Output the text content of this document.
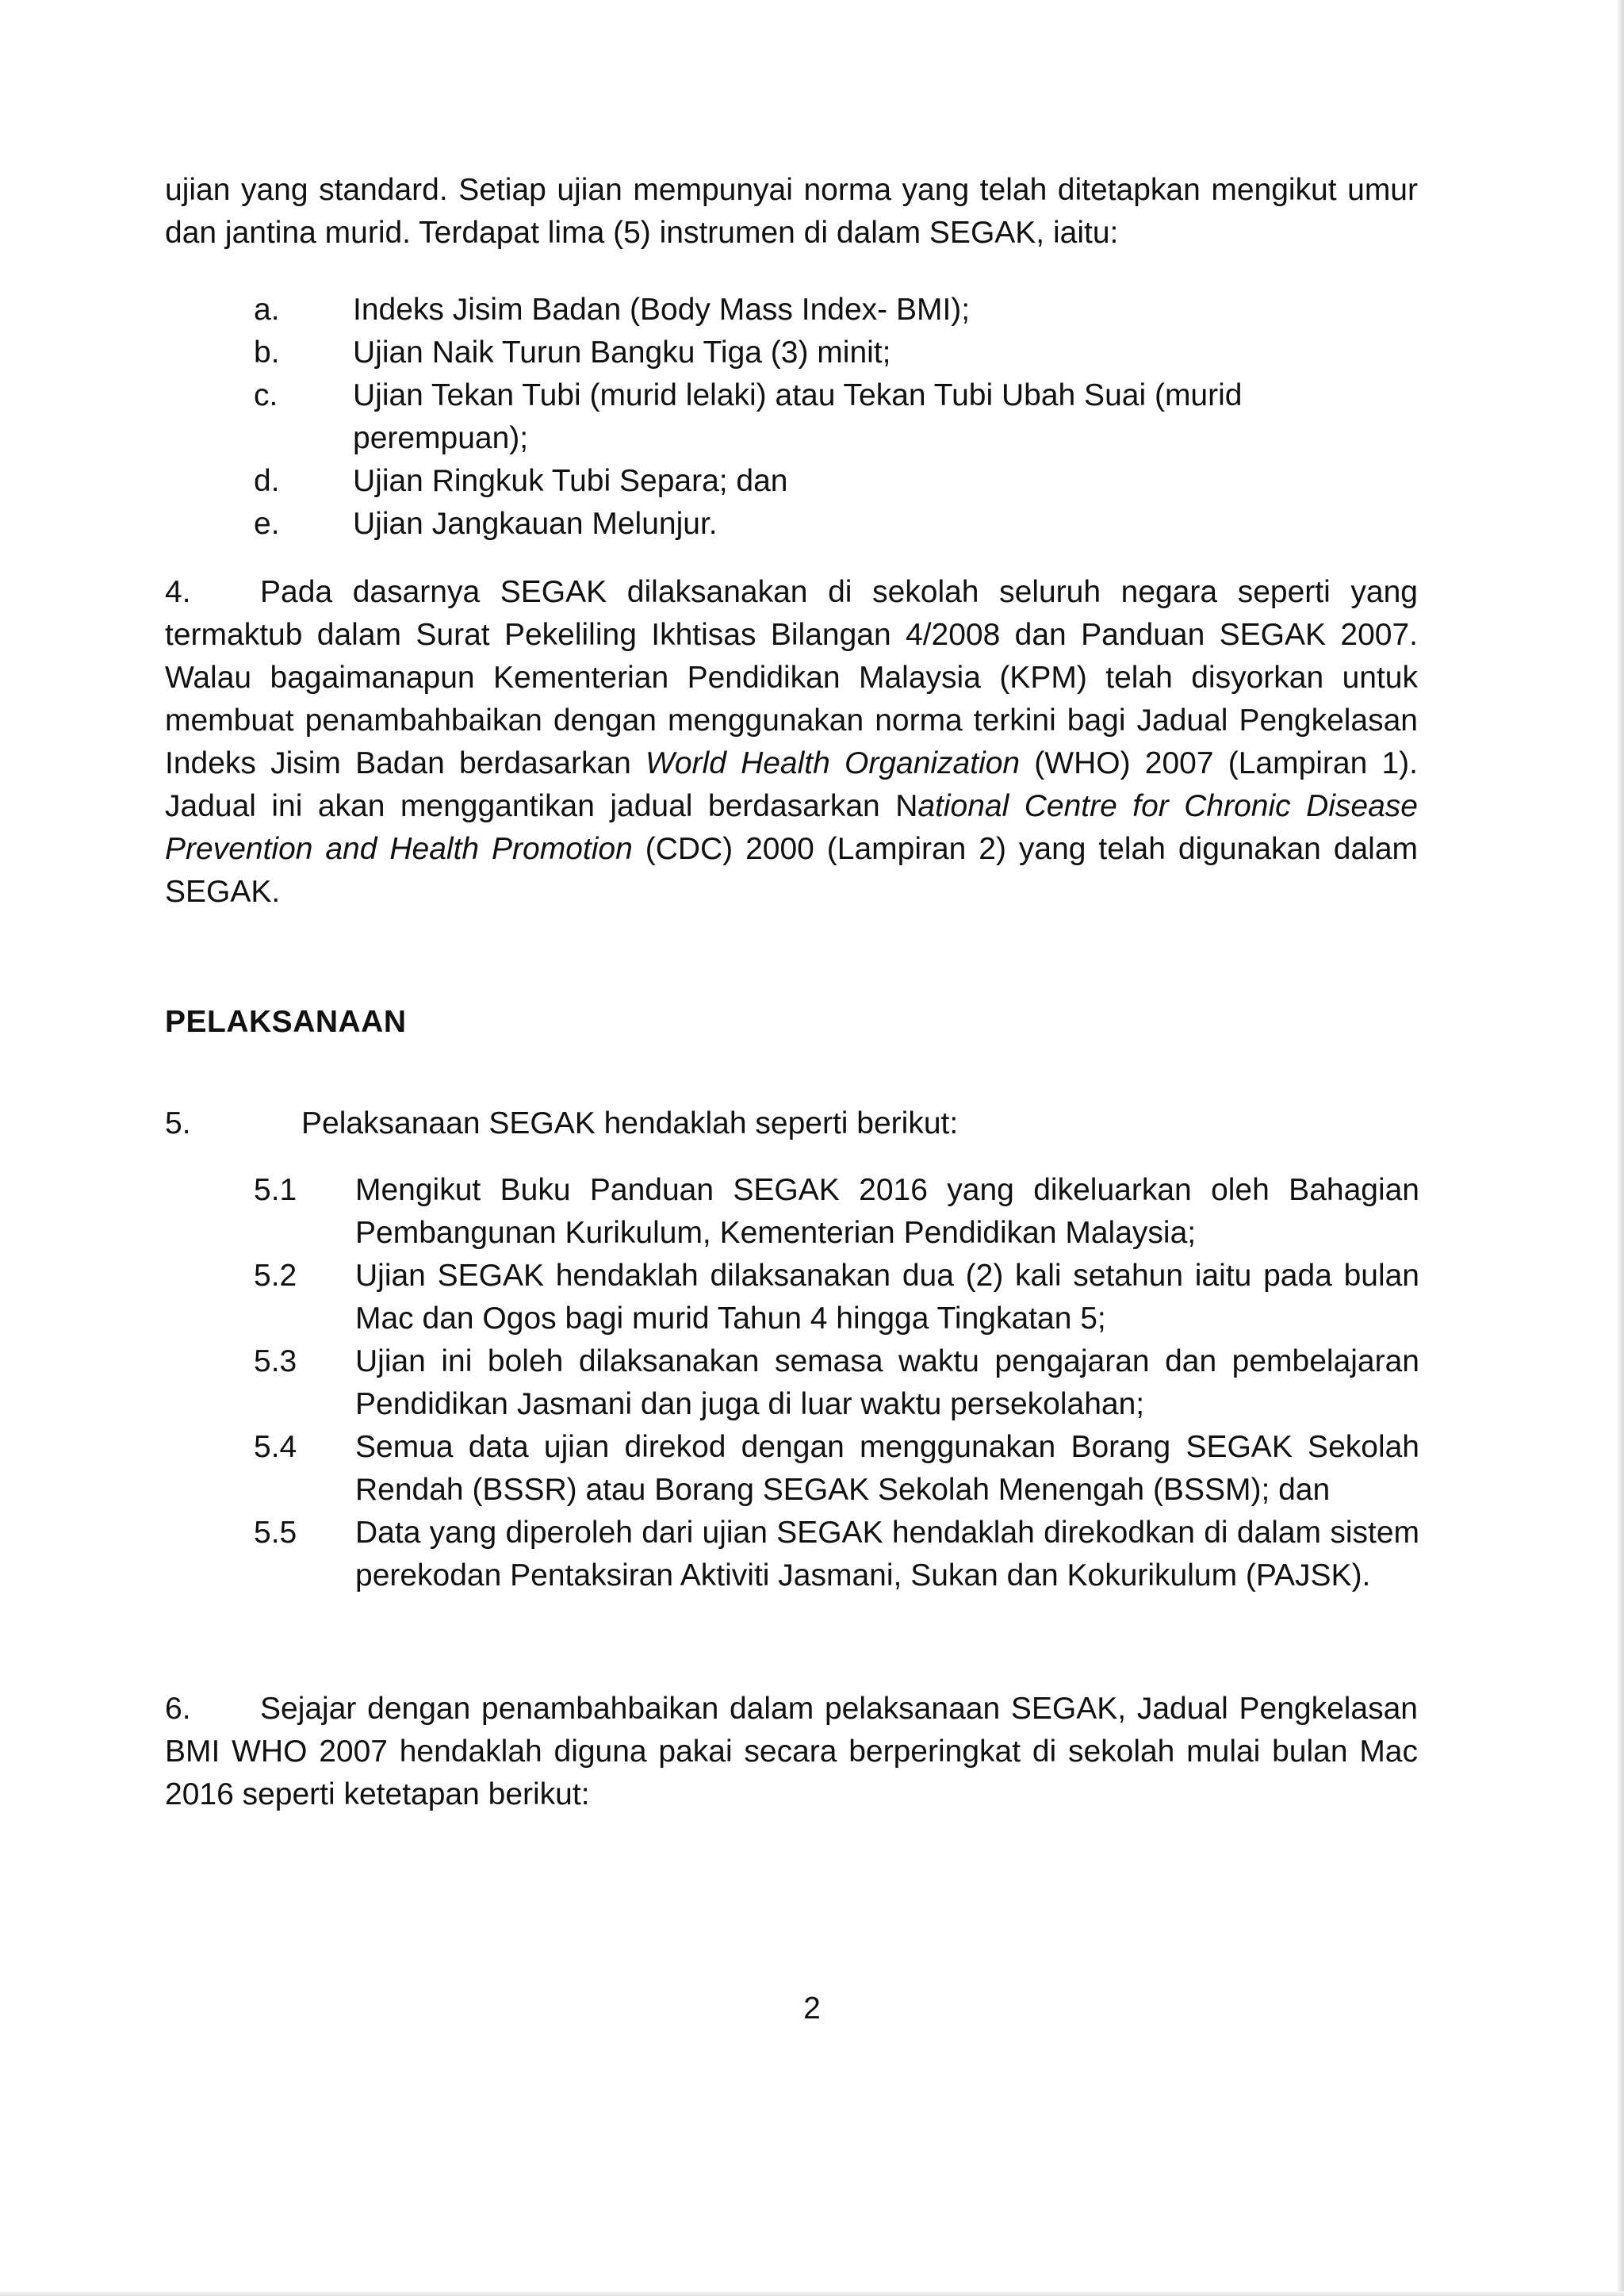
ujian yang standard. Setiap ujian mempunyai norma yang telah ditetapkan mengikut umur dan jantina murid. Terdapat lima (5) instrumen di dalam SEGAK, iaitu:

a. Indeks Jisim Badan (Body Mass Index- BMI);
b. Ujian Naik Turun Bangku Tiga (3) minit;
c. Ujian Tekan Tubi (murid lelaki) atau Tekan Tubi Ubah Suai (murid perempuan);
d. Ujian Ringkuk Tubi Separa; dan
e. Ujian Jangkauan Melunjur.

4. Pada dasarnya SEGAK dilaksanakan di sekolah seluruh negara seperti yang termaktub dalam Surat Pekeliling Ikhtisas Bilangan 4/2008 dan Panduan SEGAK 2007. Walau bagaimanapun Kementerian Pendidikan Malaysia (KPM) telah disyorkan untuk membuat penambahbaikan dengan menggunakan norma terkini bagi Jadual Pengkelasan Indeks Jisim Badan berdasarkan World Health Organization (WHO) 2007 (Lampiran 1). Jadual ini akan menggantikan jadual berdasarkan National Centre for Chronic Disease Prevention and Health Promotion (CDC) 2000 (Lampiran 2) yang telah digunakan dalam SEGAK.

PELAKSANAAN

5.	Pelaksanaan SEGAK hendaklah seperti berikut:

5.1 Mengikut Buku Panduan SEGAK 2016 yang dikeluarkan oleh Bahagian Pembangunan Kurikulum, Kementerian Pendidikan Malaysia;
5.2 Ujian SEGAK hendaklah dilaksanakan dua (2) kali setahun iaitu pada bulan Mac dan Ogos bagi murid Tahun 4 hingga Tingkatan 5;
5.3 Ujian ini boleh dilaksanakan semasa waktu pengajaran dan pembelajaran Pendidikan Jasmani dan juga di luar waktu persekolahan;
5.4 Semua data ujian direkod dengan menggunakan Borang SEGAK Sekolah Rendah (BSSR) atau Borang SEGAK Sekolah Menengah (BSSM); dan
5.5 Data yang diperoleh dari ujian SEGAK hendaklah direkodkan di dalam sistem perekodan Pentaksiran Aktiviti Jasmani, Sukan dan Kokurikulum (PAJSK).

6. Sejajar dengan penambahbaikan dalam pelaksanaan SEGAK, Jadual Pengkelasan BMI WHO 2007 hendaklah diguna pakai secara berperingkat di sekolah mulai bulan Mac 2016 seperti ketetapan berikut:

2
